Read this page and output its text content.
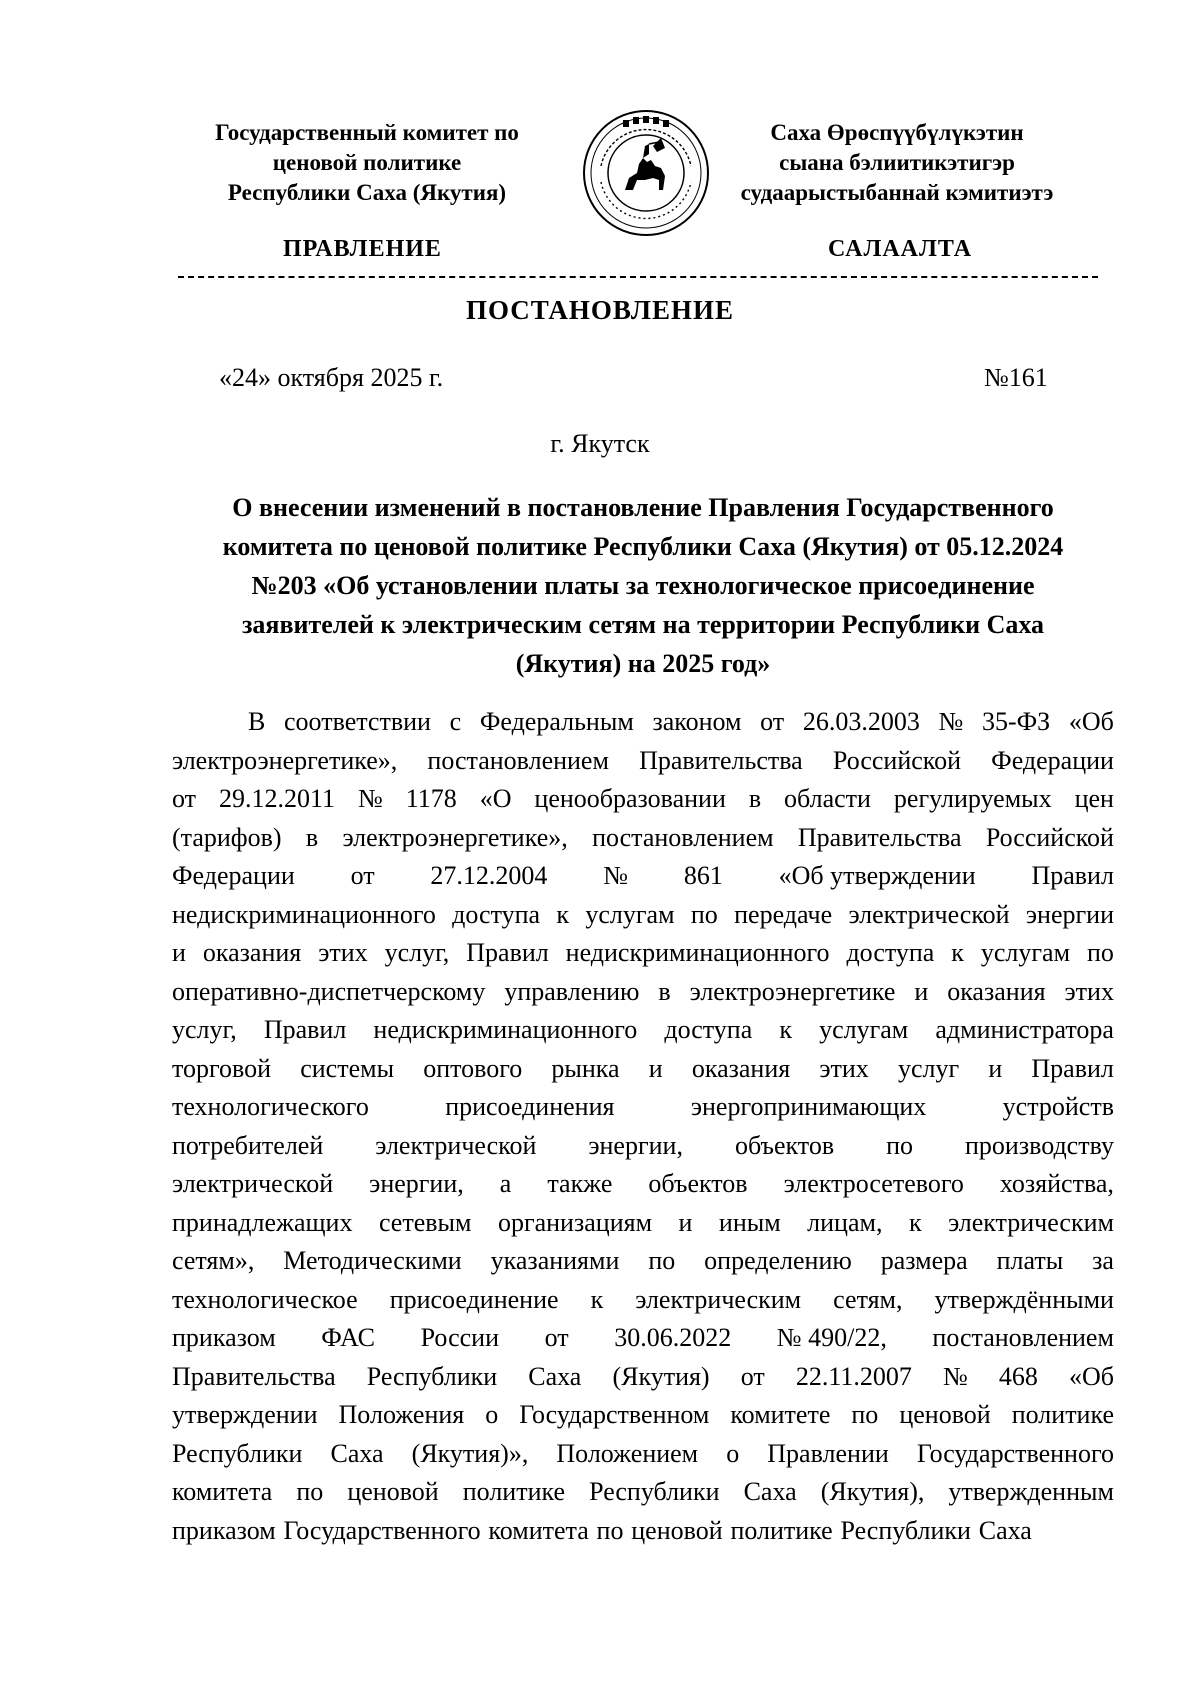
Государственный комитет по
ценовой политике
Республики Саха (Якутия)
Саха Өрөспүүбүлүкэтин
сыана бэлиитикэтигэр
судаарыстыбаннай кэмитиэтэ
ПРАВЛЕНИЕ	САЛААЛТА
ПОСТАНОВЛЕНИЕ
«24» октября 2025 г.	№161
г. Якутск
О внесении изменений в постановление Правления Государственного
комитета по ценовой политике Республики Саха (Якутия) от 05.12.2024
№203 «Об установлении платы за технологическое присоединение
заявителей к электрическим сетям на территории Республики Саха
(Якутия) на 2025 год»
В соответствии с Федеральным законом от 26.03.2003 № 35-ФЗ «Об
электроэнергетике», постановлением Правительства Российской Федерации
от 29.12.2011 № 1178 «О ценообразовании в области регулируемых цен
(тарифов) в электроэнергетике», постановлением Правительства Российской
Федерации от 27.12.2004 № 861 «Об утверждении Правил
недискриминационного доступа к услугам по передаче электрической энергии
и оказания этих услуг, Правил недискриминационного доступа к услугам по
оперативно-диспетчерскому управлению в электроэнергетике и оказания этих
услуг, Правил недискриминационного доступа к услугам администратора
торговой системы оптового рынка и оказания этих услуг и Правил
технологического	присоединения	энергопринимающих	устройств
потребителей электрической энергии, объектов по производству
электрической энергии, а также объектов электросетевого хозяйства,
принадлежащих сетевым организациям и иным лицам, к электрическим
сетям», Методическими указаниями по определению размера платы за
технологическое присоединение к электрическим сетям, утверждёнными
приказом ФАС России от 30.06.2022 № 490/22, постановлением
Правительства Республики Саха (Якутия) от 22.11.2007 № 468 «Об
утверждении Положения о Государственном комитете по ценовой политике
Республики Саха (Якутия)», Положением о Правлении Государственного
комитета по ценовой политике Республики Саха (Якутия), утвержденным
приказом Государственного комитета по ценовой политике Республики Саха
